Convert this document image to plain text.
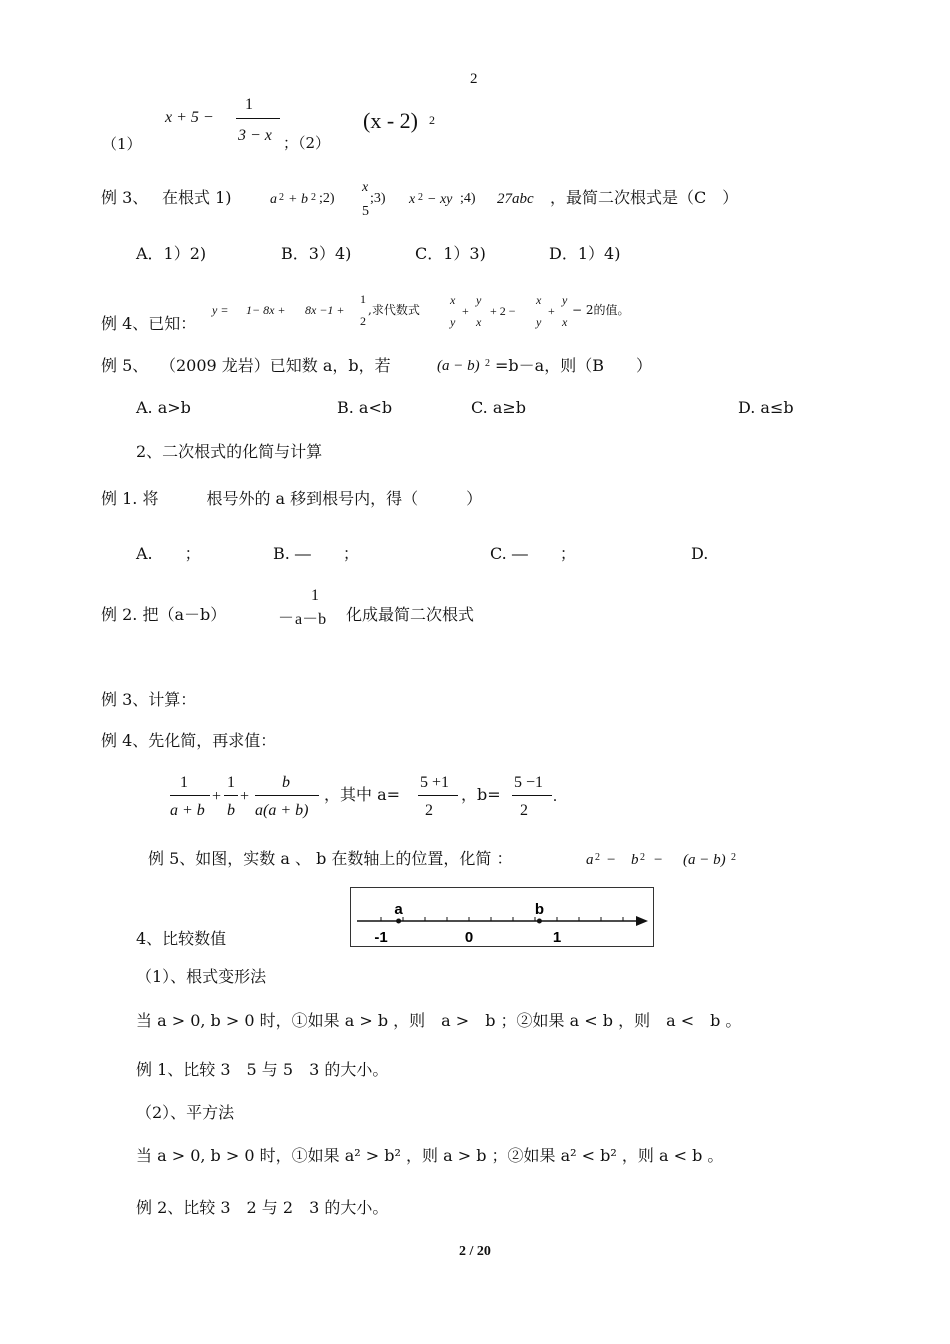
2
x + 5 −
1
3 − x
（1）	；（2）
(x - 2) 2
例 3、 在根式 1)	a 2 + b 2 ;2)
x
5
;3) x 2 − xy ;4) 27abc ，最简二次根式是（C　）
A．1）2)	B．3）4)	C．1）3)	D．1）4)
例 4、已知：
y = 1− 8x + 8x −1 +
1
2
,求代数式
x
y
+
y
x
+ 2 −
x
y
+
y
x
− 2的值。
例 5、 （2009 龙岩）已知数 a，b，若	(a − b) 2 =b－a，则（B　　）
A. a>b	B. a<b	C. a≥b	D. a≤b
2、二次根式的化简与计算
例 1. 将　　　根号外的 a 移到根号内，得（　　　）
A.　　；	B. ―　　；	C. ―　　；	D.
例 2. 把（a－b）	－
1
a－b 化成最简二次根式
例 3、计算：
例 4、先化简，再求值：
1
a + b
+
1
b
+
b
a(a + b)
，其中 a=
5 +1
2
，b=
5 −1
2
.
例 5、如图，实数 a 、 b 在数轴上的位置，化简 ：	a 2 − b 2 − (a − b) 2
a	b
-1	0	1
4、比较数值
（1）、根式变形法
当 a > 0, b > 0 时，①如果 a > b ，则　a >　b ；②如果 a < b ，则　a <　b 。
例 1、比较 3　5 与 5　3 的大小。
（2）、平方法
当 a > 0, b > 0 时，①如果 a² > b² ，则 a > b ；②如果 a² < b² ，则 a < b 。
例 2、比较 3　2 与 2　3 的大小。
2 / 20
